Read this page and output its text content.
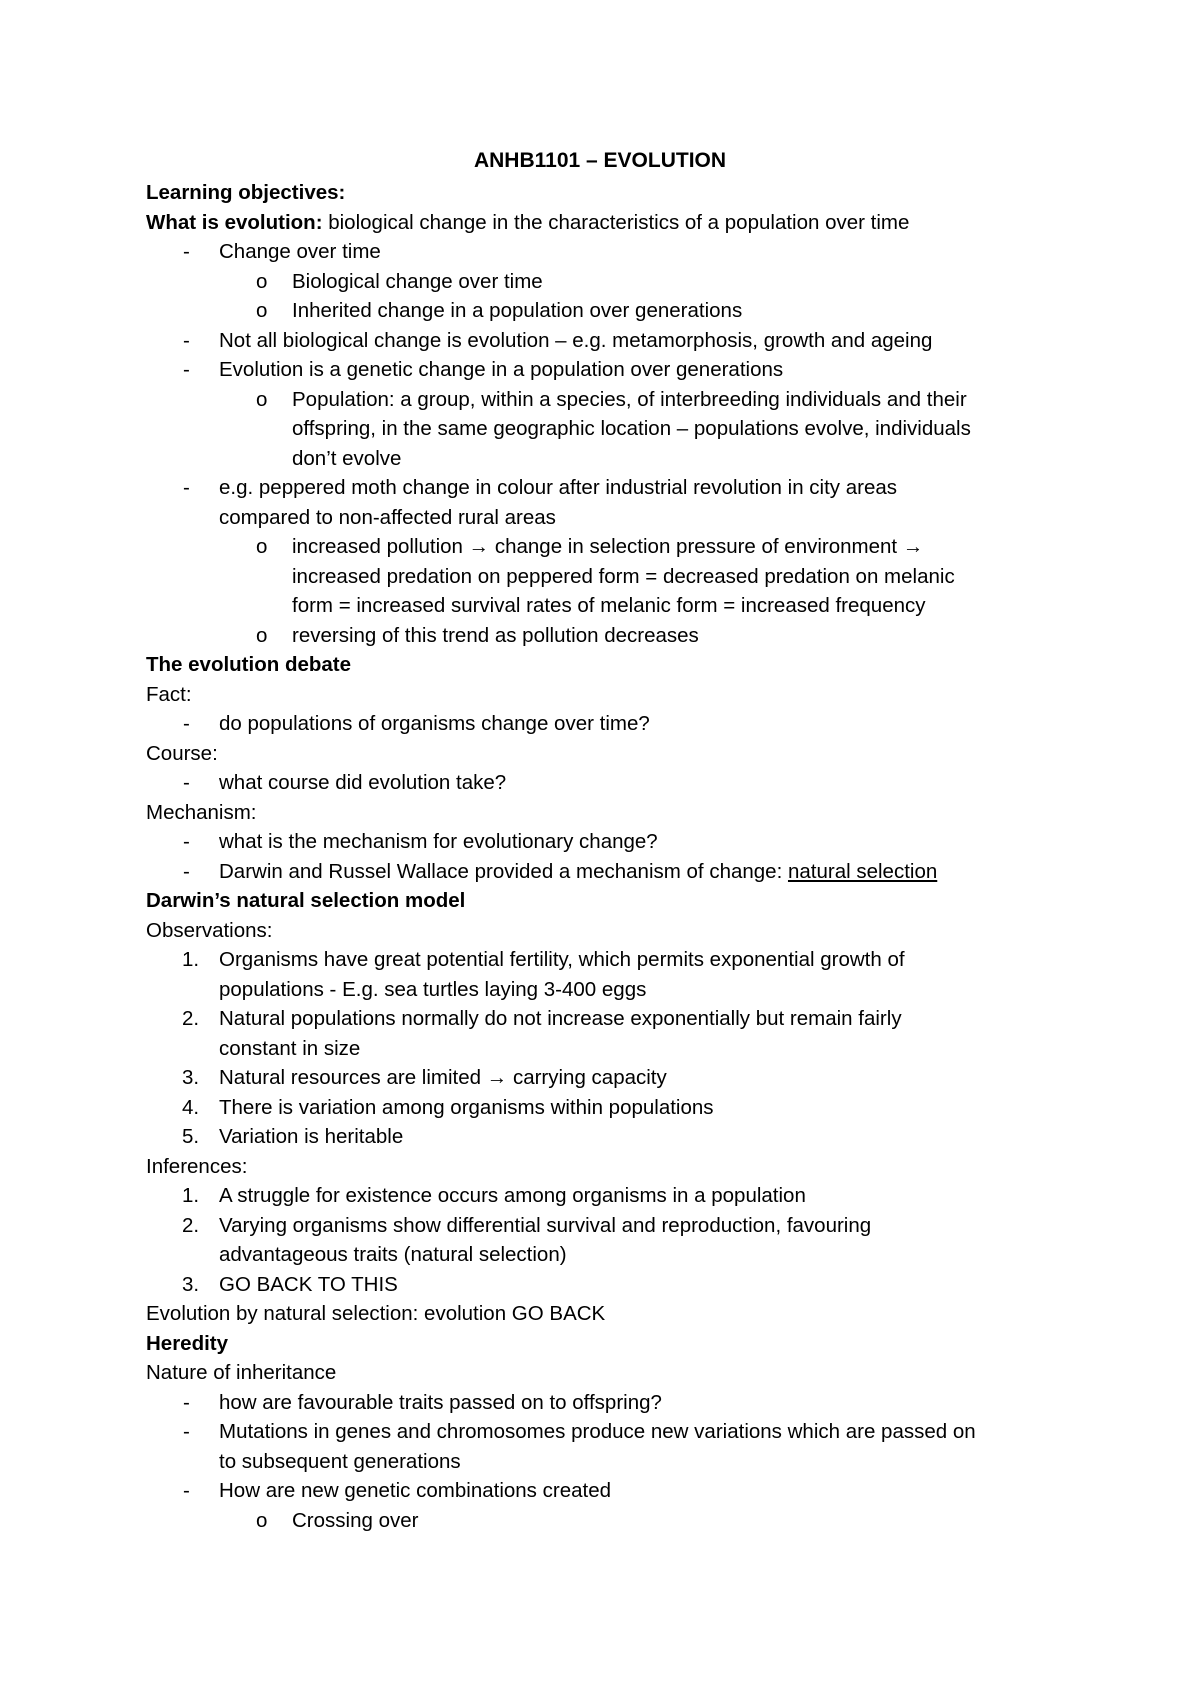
ANHB1101 – EVOLUTION
Learning objectives:
What is evolution: biological change in the characteristics of a population over time
- Change over time
o Biological change over time
o Inherited change in a population over generations
- Not all biological change is evolution – e.g. metamorphosis, growth and ageing
- Evolution is a genetic change in a population over generations
o Population: a group, within a species, of interbreeding individuals and their
offspring, in the same geographic location – populations evolve, individuals
don’t evolve
- e.g. peppered moth change in colour after industrial revolution in city areas
compared to non-affected rural areas
o increased pollution → change in selection pressure of environment →
increased predation on peppered form = decreased predation on melanic
form = increased survival rates of melanic form = increased frequency
o reversing of this trend as pollution decreases
The evolution debate
Fact:
- do populations of organisms change over time?
Course:
- what course did evolution take?
Mechanism:
- what is the mechanism for evolutionary change?
- Darwin and Russel Wallace provided a mechanism of change: natural selection
Darwin’s natural selection model
Observations:
1. Organisms have great potential fertility, which permits exponential growth of
populations - E.g. sea turtles laying 3-400 eggs
2. Natural populations normally do not increase exponentially but remain fairly
constant in size
3. Natural resources are limited → carrying capacity
4. There is variation among organisms within populations
5. Variation is heritable
Inferences:
1. A struggle for existence occurs among organisms in a population
2. Varying organisms show differential survival and reproduction, favouring
advantageous traits (natural selection)
3. GO BACK TO THIS
Evolution by natural selection: evolution GO BACK
Heredity
Nature of inheritance
- how are favourable traits passed on to offspring?
- Mutations in genes and chromosomes produce new variations which are passed on
to subsequent generations
- How are new genetic combinations created
o Crossing over
